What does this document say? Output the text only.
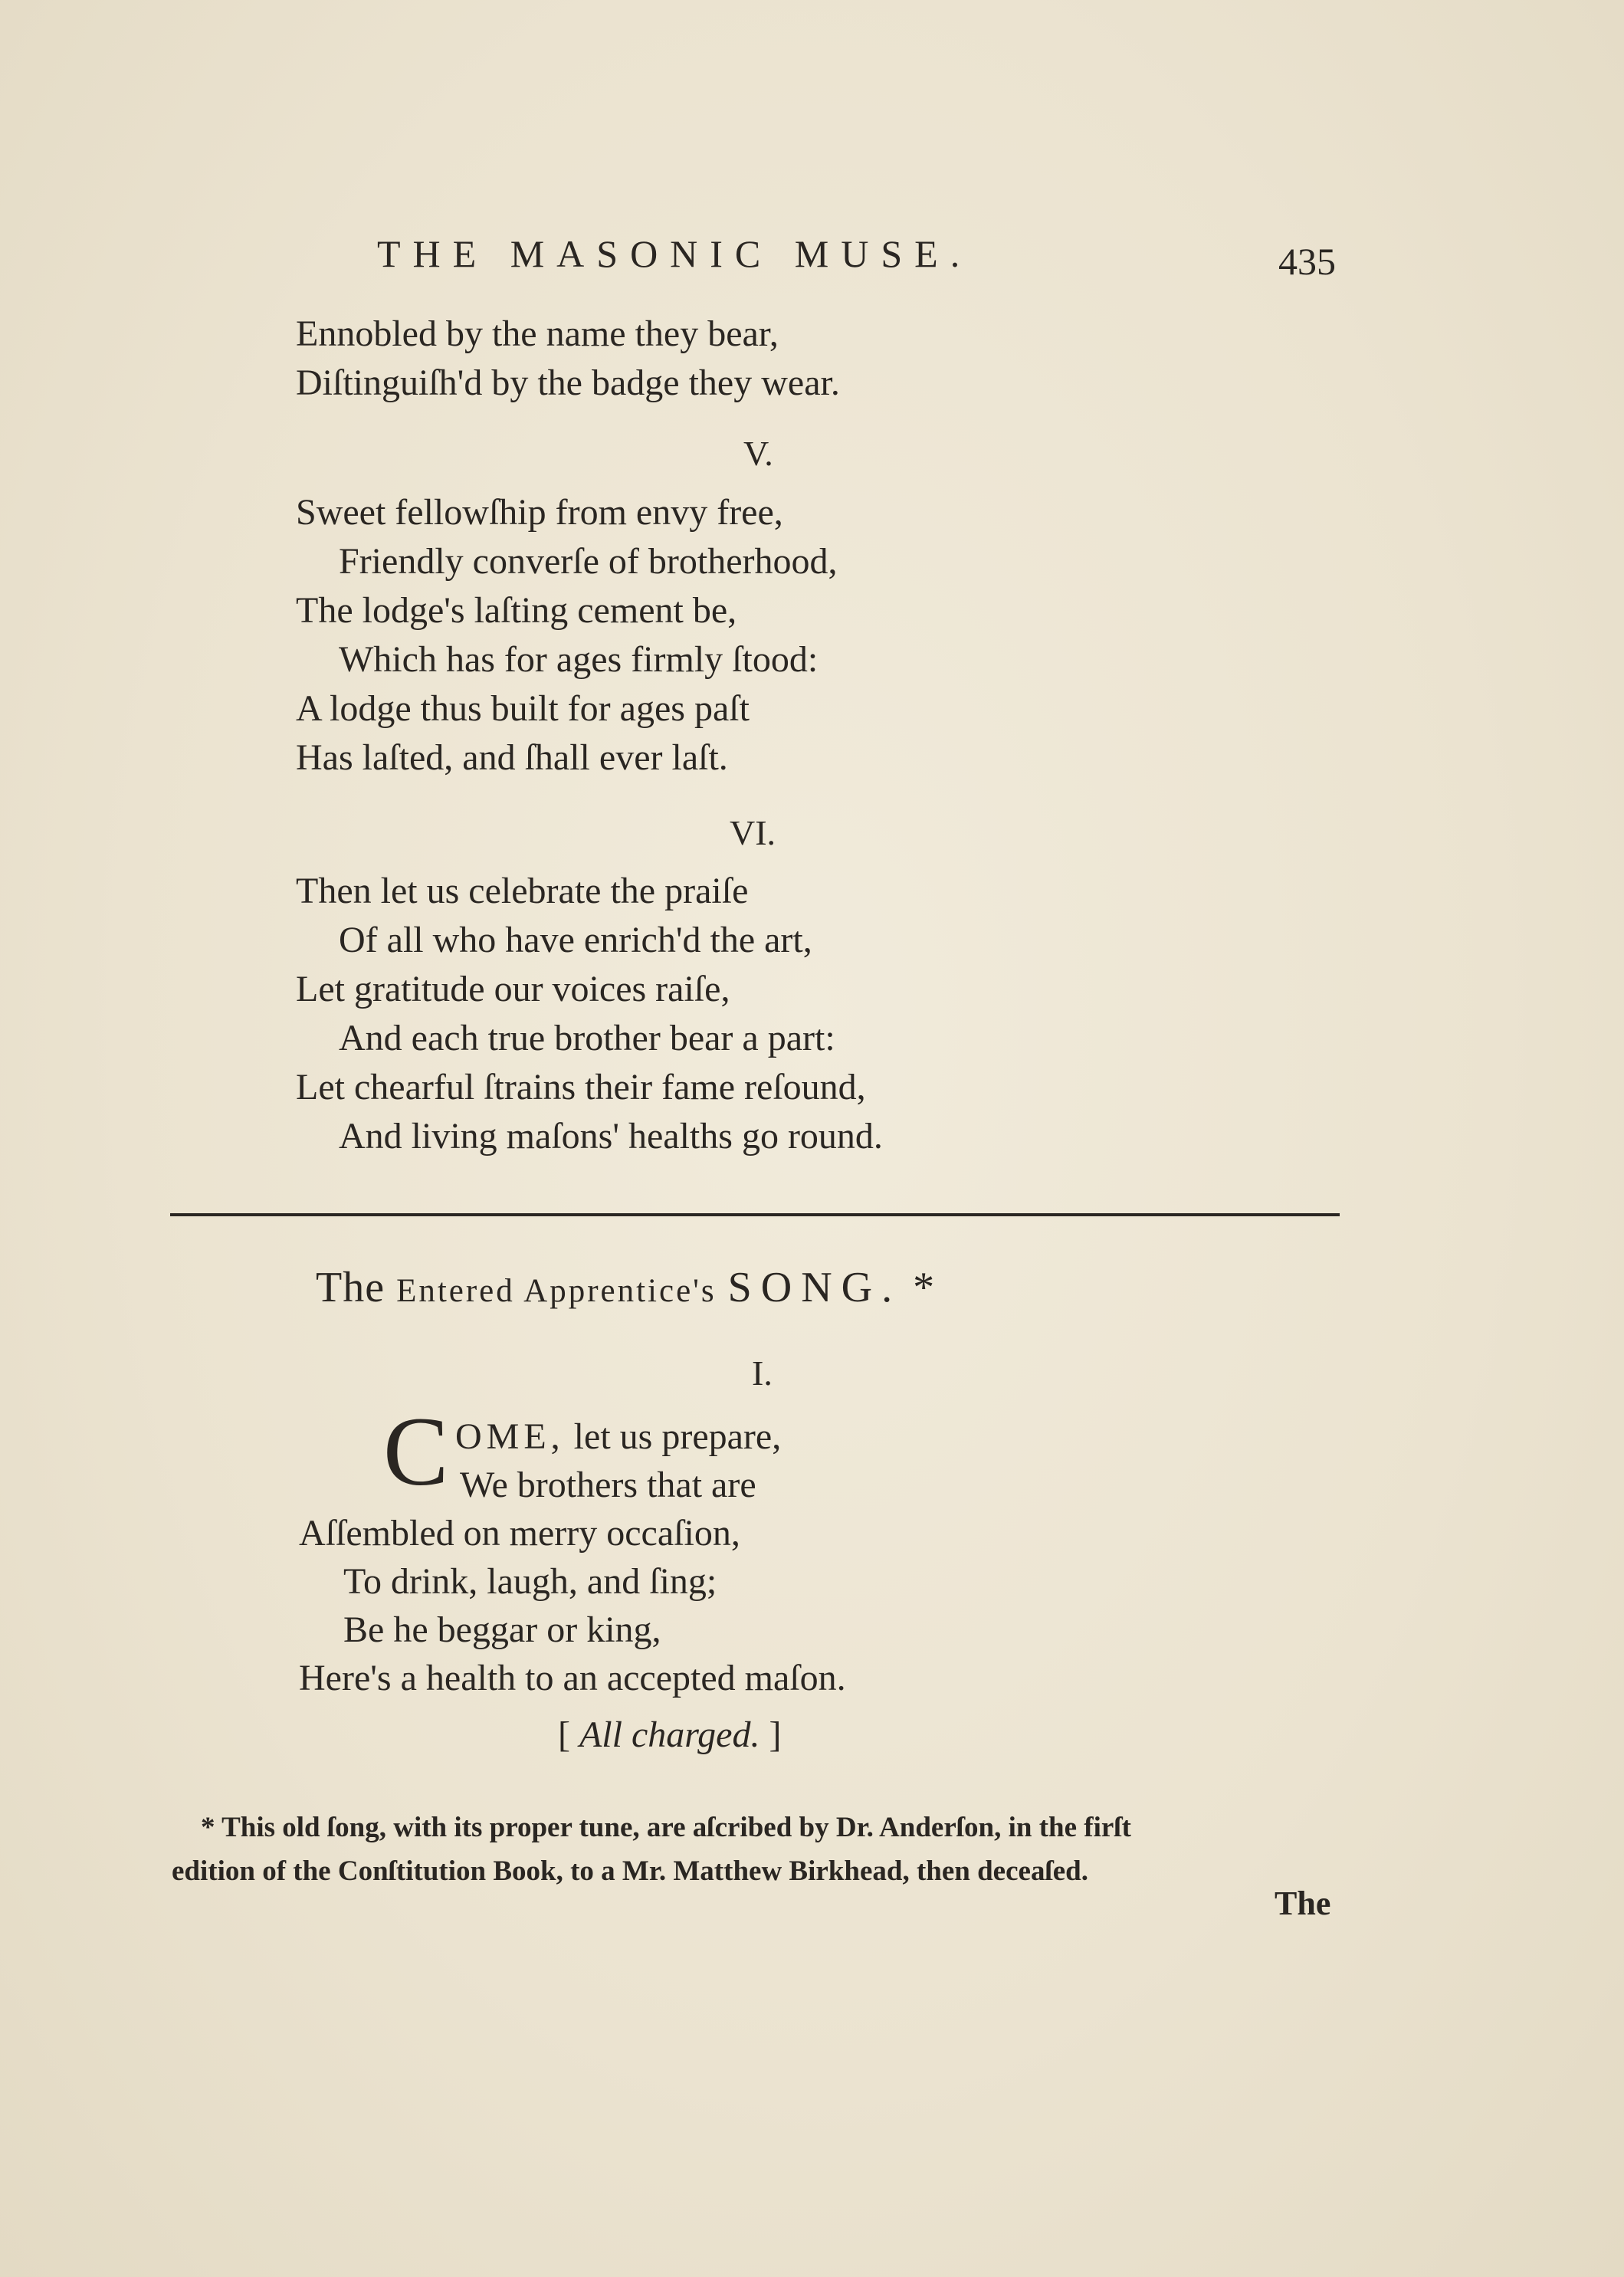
THE MASONIC MUSE.	435
Ennobled by the name they bear,
Diſtinguiſh'd by the badge they wear.
V.
Sweet fellowſhip from envy free,
Friendly converſe of brotherhood,
The lodge's laſting cement be,
Which has for ages firmly ſtood:
A lodge thus built for ages paſt
Has laſted, and ſhall ever laſt.
VI.
Then let us celebrate the praiſe
Of all who have enrich'd the art,
Let gratitude our voices raiſe,
And each true brother bear a part:
Let chearful ſtrains their fame reſound,
And living maſons' healths go round.
The Entered Apprentice's SONG. *
I.
C OME, let us prepare,
We brothers that are
Aſſembled on merry occaſion,
To drink, laugh, and ſing;
Be he beggar or king,
Here's a health to an accepted maſon.
[ All charged. ]
* This old ſong, with its proper tune, are aſcribed by Dr. Anderſon, in the firſt
edition of the Conſtitution Book, to a Mr. Matthew Birkhead, then deceaſed.
The
